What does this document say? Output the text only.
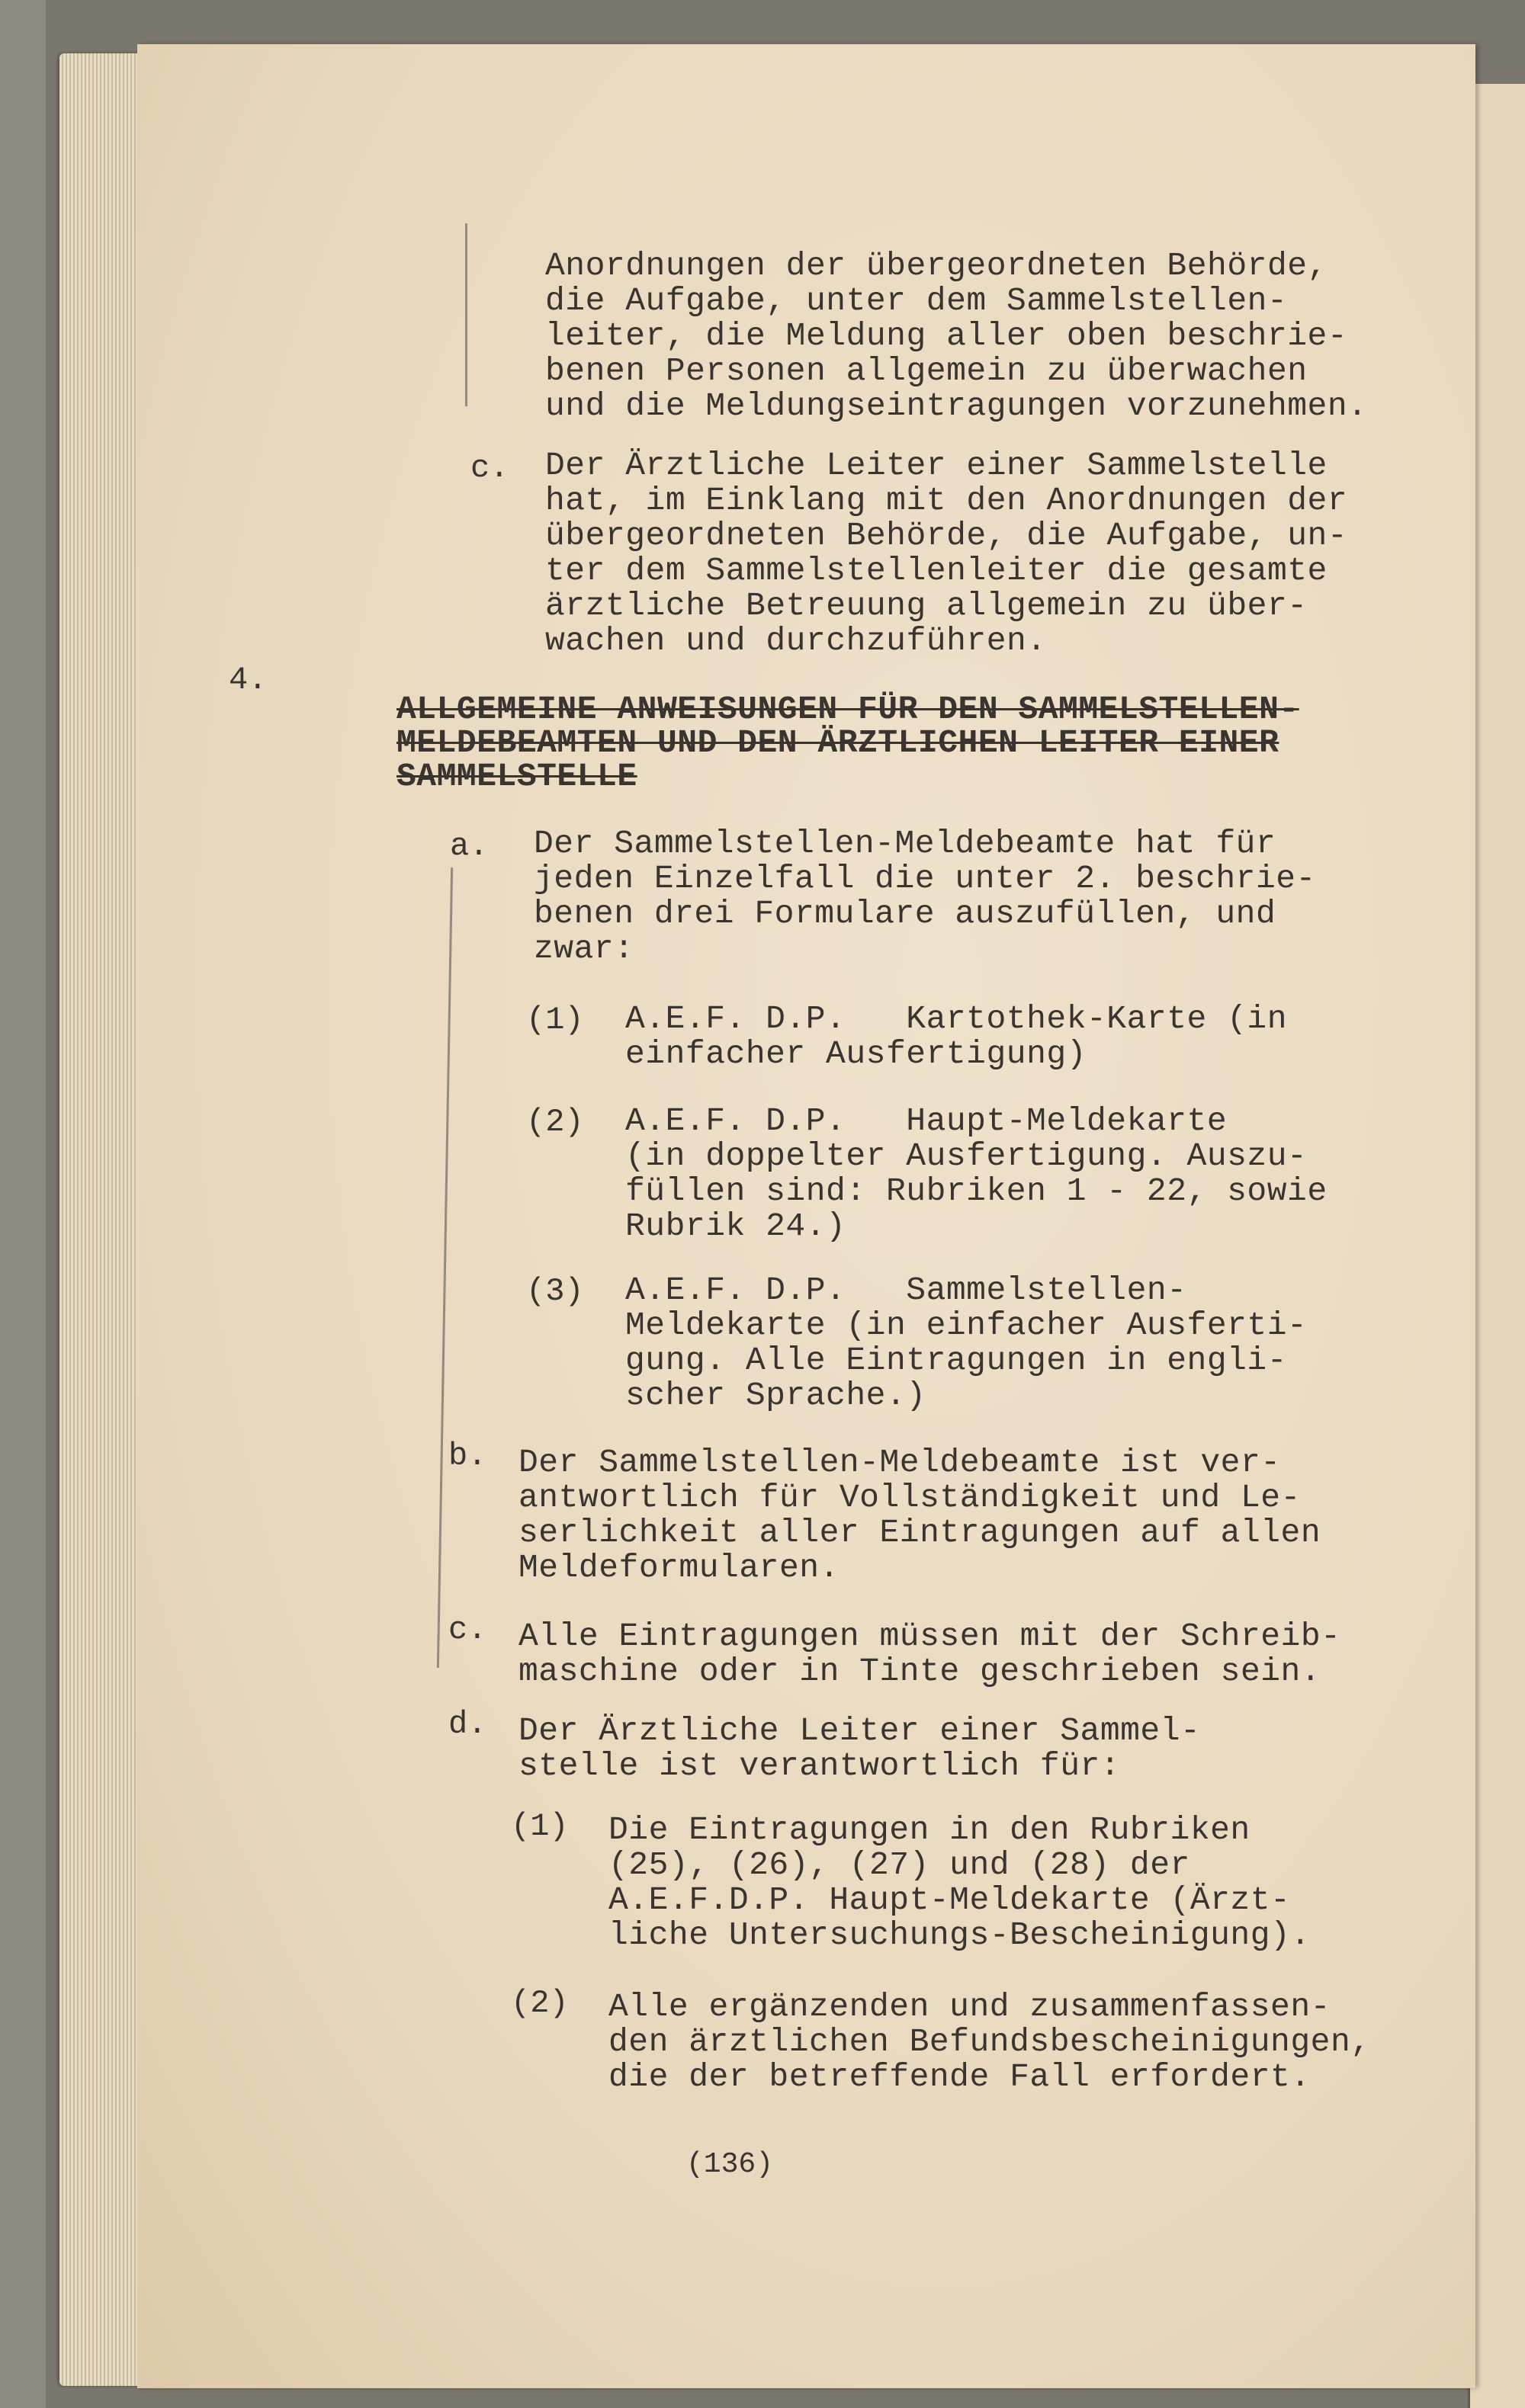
Anordnungen der übergeordneten Behörde,
die Aufgabe, unter dem Sammelstellen-
leiter, die Meldung aller oben beschrie-
benen Personen allgemein zu überwachen
und die Meldungseintragungen vorzunehmen.
c. Der Ärztliche Leiter einer Sammelstelle
hat, im Einklang mit den Anordnungen der
übergeordneten Behörde, die Aufgabe, un-
ter dem Sammelstellenleiter die gesamte
ärztliche Betreuung allgemein zu über-
wachen und durchzuführen.
4.
ALLGEMEINE ANWEISUNGEN FÜR DEN SAMMELSTELLEN-
MELDEBEAMTEN UND DEN ÄRZTLICHEN LEITER EINER
SAMMELSTELLE
a. Der Sammelstellen-Meldebeamte hat für
jeden Einzelfall die unter 2. beschrie-
benen drei Formulare auszufüllen, und
zwar:
(1) A.E.F. D.P.   Kartothek-Karte (in
einfacher Ausfertigung)
(2) A.E.F. D.P.   Haupt-Meldekarte
(in doppelter Ausfertigung. Auszu-
füllen sind: Rubriken 1 - 22, sowie
Rubrik 24.)
(3) A.E.F. D.P.   Sammelstellen-
Meldekarte (in einfacher Ausferti-
gung. Alle Eintragungen in engli-
scher Sprache.)
b. Der Sammelstellen-Meldebeamte ist ver-
antwortlich für Vollständigkeit und Le-
serlichkeit aller Eintragungen auf allen
Meldeformularen.
c. Alle Eintragungen müssen mit der Schreib-
maschine oder in Tinte geschrieben sein.
d. Der Ärztliche Leiter einer Sammel-
stelle ist verantwortlich für:
(1) Die Eintragungen in den Rubriken
(25), (26), (27) und (28) der
A.E.F.D.P. Haupt-Meldekarte (Ärzt-
liche Untersuchungs-Bescheinigung).
(2) Alle ergänzenden und zusammenfassen-
den ärztlichen Befundsbescheinigungen,
die der betreffende Fall erfordert.
(136)
